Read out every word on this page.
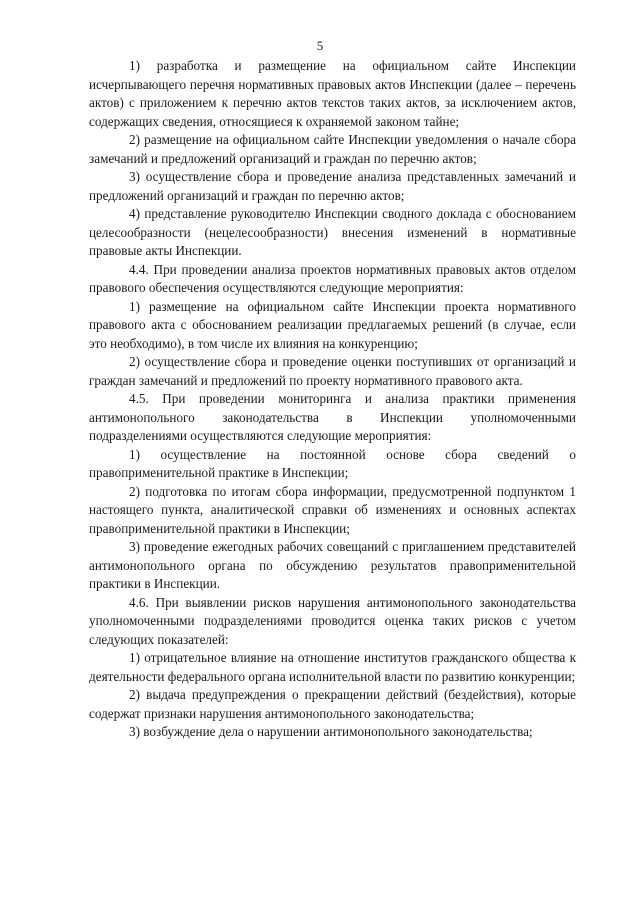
5

1) разработка и размещение на официальном сайте Инспекции исчерпывающего перечня нормативных правовых актов Инспекции (далее – перечень актов) с приложением к перечню актов текстов таких актов, за исключением актов, содержащих сведения, относящиеся к охраняемой законом тайне;

2) размещение на официальном сайте Инспекции уведомления о начале сбора замечаний и предложений организаций и граждан по перечню актов;

3) осуществление сбора и проведение анализа представленных замечаний и предложений организаций и граждан по перечню актов;

4) представление руководителю Инспекции сводного доклада с обоснованием целесообразности (нецелесообразности) внесения изменений в нормативные правовые акты Инспекции.

4.4. При проведении анализа проектов нормативных правовых актов отделом правового обеспечения осуществляются следующие мероприятия:

1) размещение на официальном сайте Инспекции проекта нормативного правового акта с обоснованием реализации предлагаемых решений (в случае, если это необходимо), в том числе их влияния на конкуренцию;

2) осуществление сбора и проведение оценки поступивших от организаций и граждан замечаний и предложений по проекту нормативного правового акта.

4.5. При проведении мониторинга и анализа практики применения антимонопольного законодательства в Инспекции уполномоченными подразделениями осуществляются следующие мероприятия:

1) осуществление на постоянной основе сбора сведений о правоприменительной практике в Инспекции;

2) подготовка по итогам сбора информации, предусмотренной подпунктом 1 настоящего пункта, аналитической справки об изменениях и основных аспектах правоприменительной практики в Инспекции;

3) проведение ежегодных рабочих совещаний с приглашением представителей антимонопольного органа по обсуждению результатов правоприменительной практики в Инспекции.

4.6. При выявлении рисков нарушения антимонопольного законодательства уполномоченными подразделениями проводится оценка таких рисков с учетом следующих показателей:

1) отрицательное влияние на отношение институтов гражданского общества к деятельности федерального органа исполнительной власти по развитию конкуренции;

2) выдача предупреждения о прекращении действий (бездействия), которые содержат признаки нарушения антимонопольного законодательства;

3) возбуждение дела о нарушении антимонопольного законодательства;
